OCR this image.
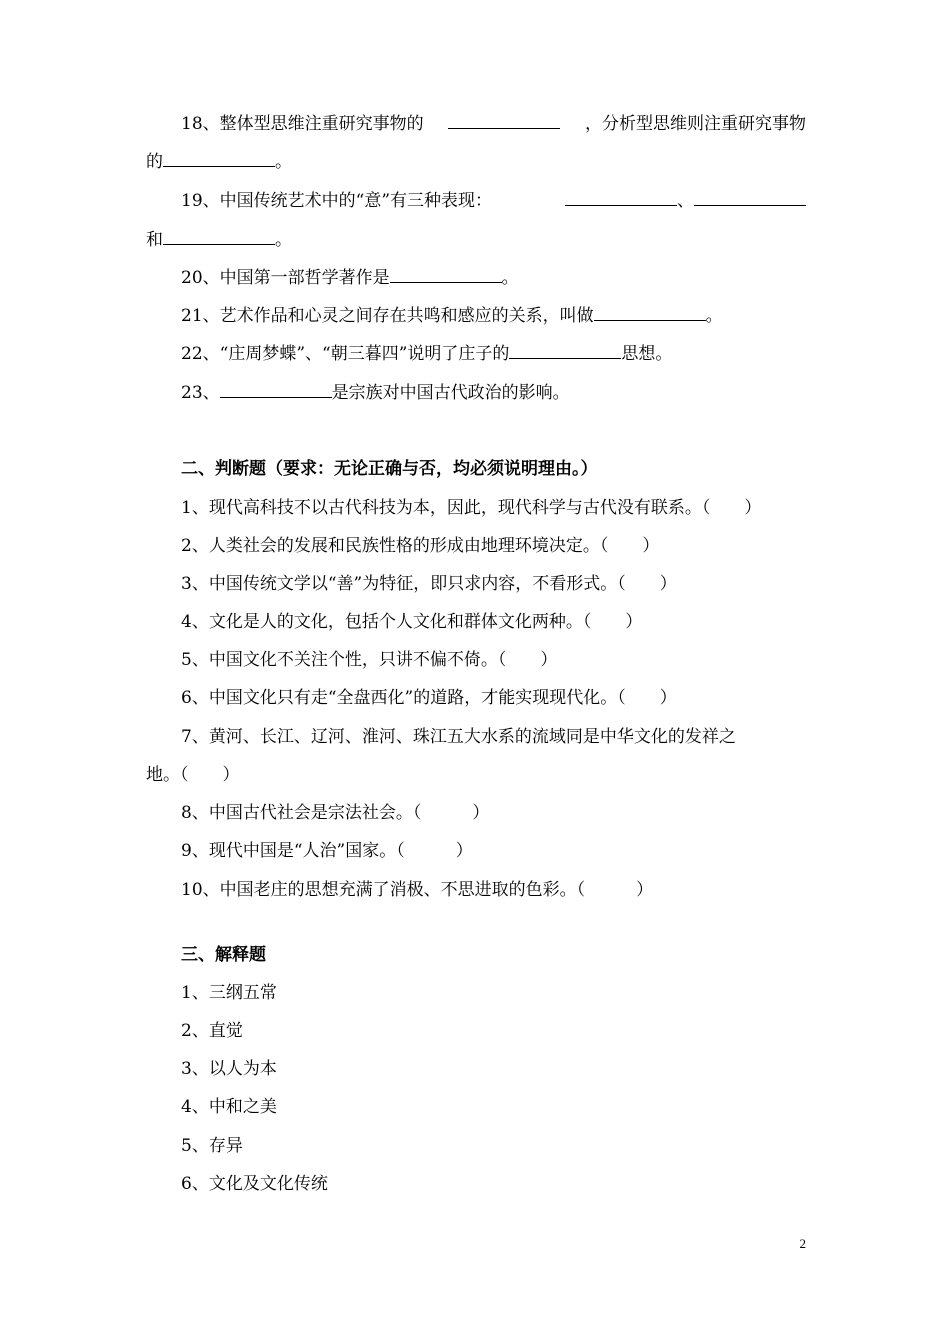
18、整体型思维注重研究事物的	，分析型思维则注重研究事物
的	。
19、中国传统艺术中的“意”有三种表现：	、
和	。
20、中国第一部哲学著作是	。
21、艺术作品和心灵之间存在共鸣和感应的关系，叫做	。
22、“庄周梦蝶”、“朝三暮四”说明了庄子的	思想。
23、	是宗族对中国古代政治的影响。
二、判断题（要求：无论正确与否，均必须说明理由。）
1、现代高科技不以古代科技为本，因此，现代科学与古代没有联系。（　　）
2、人类社会的发展和民族性格的形成由地理环境决定。（　　）
3、中国传统文学以“善”为特征，即只求内容，不看形式。（　　）
4、文化是人的文化，包括个人文化和群体文化两种。（　　）
5、中国文化不关注个性，只讲不偏不倚。（　　）
6、中国文化只有走“全盘西化”的道路，才能实现现代化。（　　）
7、黄河、长江、辽河、淮河、珠江五大水系的流域同是中华文化的发祥之
地。（　　）
8、中国古代社会是宗法社会。（　　　）
9、现代中国是“人治”国家。（　　　）
10、中国老庄的思想充满了消极、不思进取的色彩。（　　　）
三、解释题
1、三纲五常
2、直觉
3、以人为本
4、中和之美
5、存异
6、文化及文化传统
2
